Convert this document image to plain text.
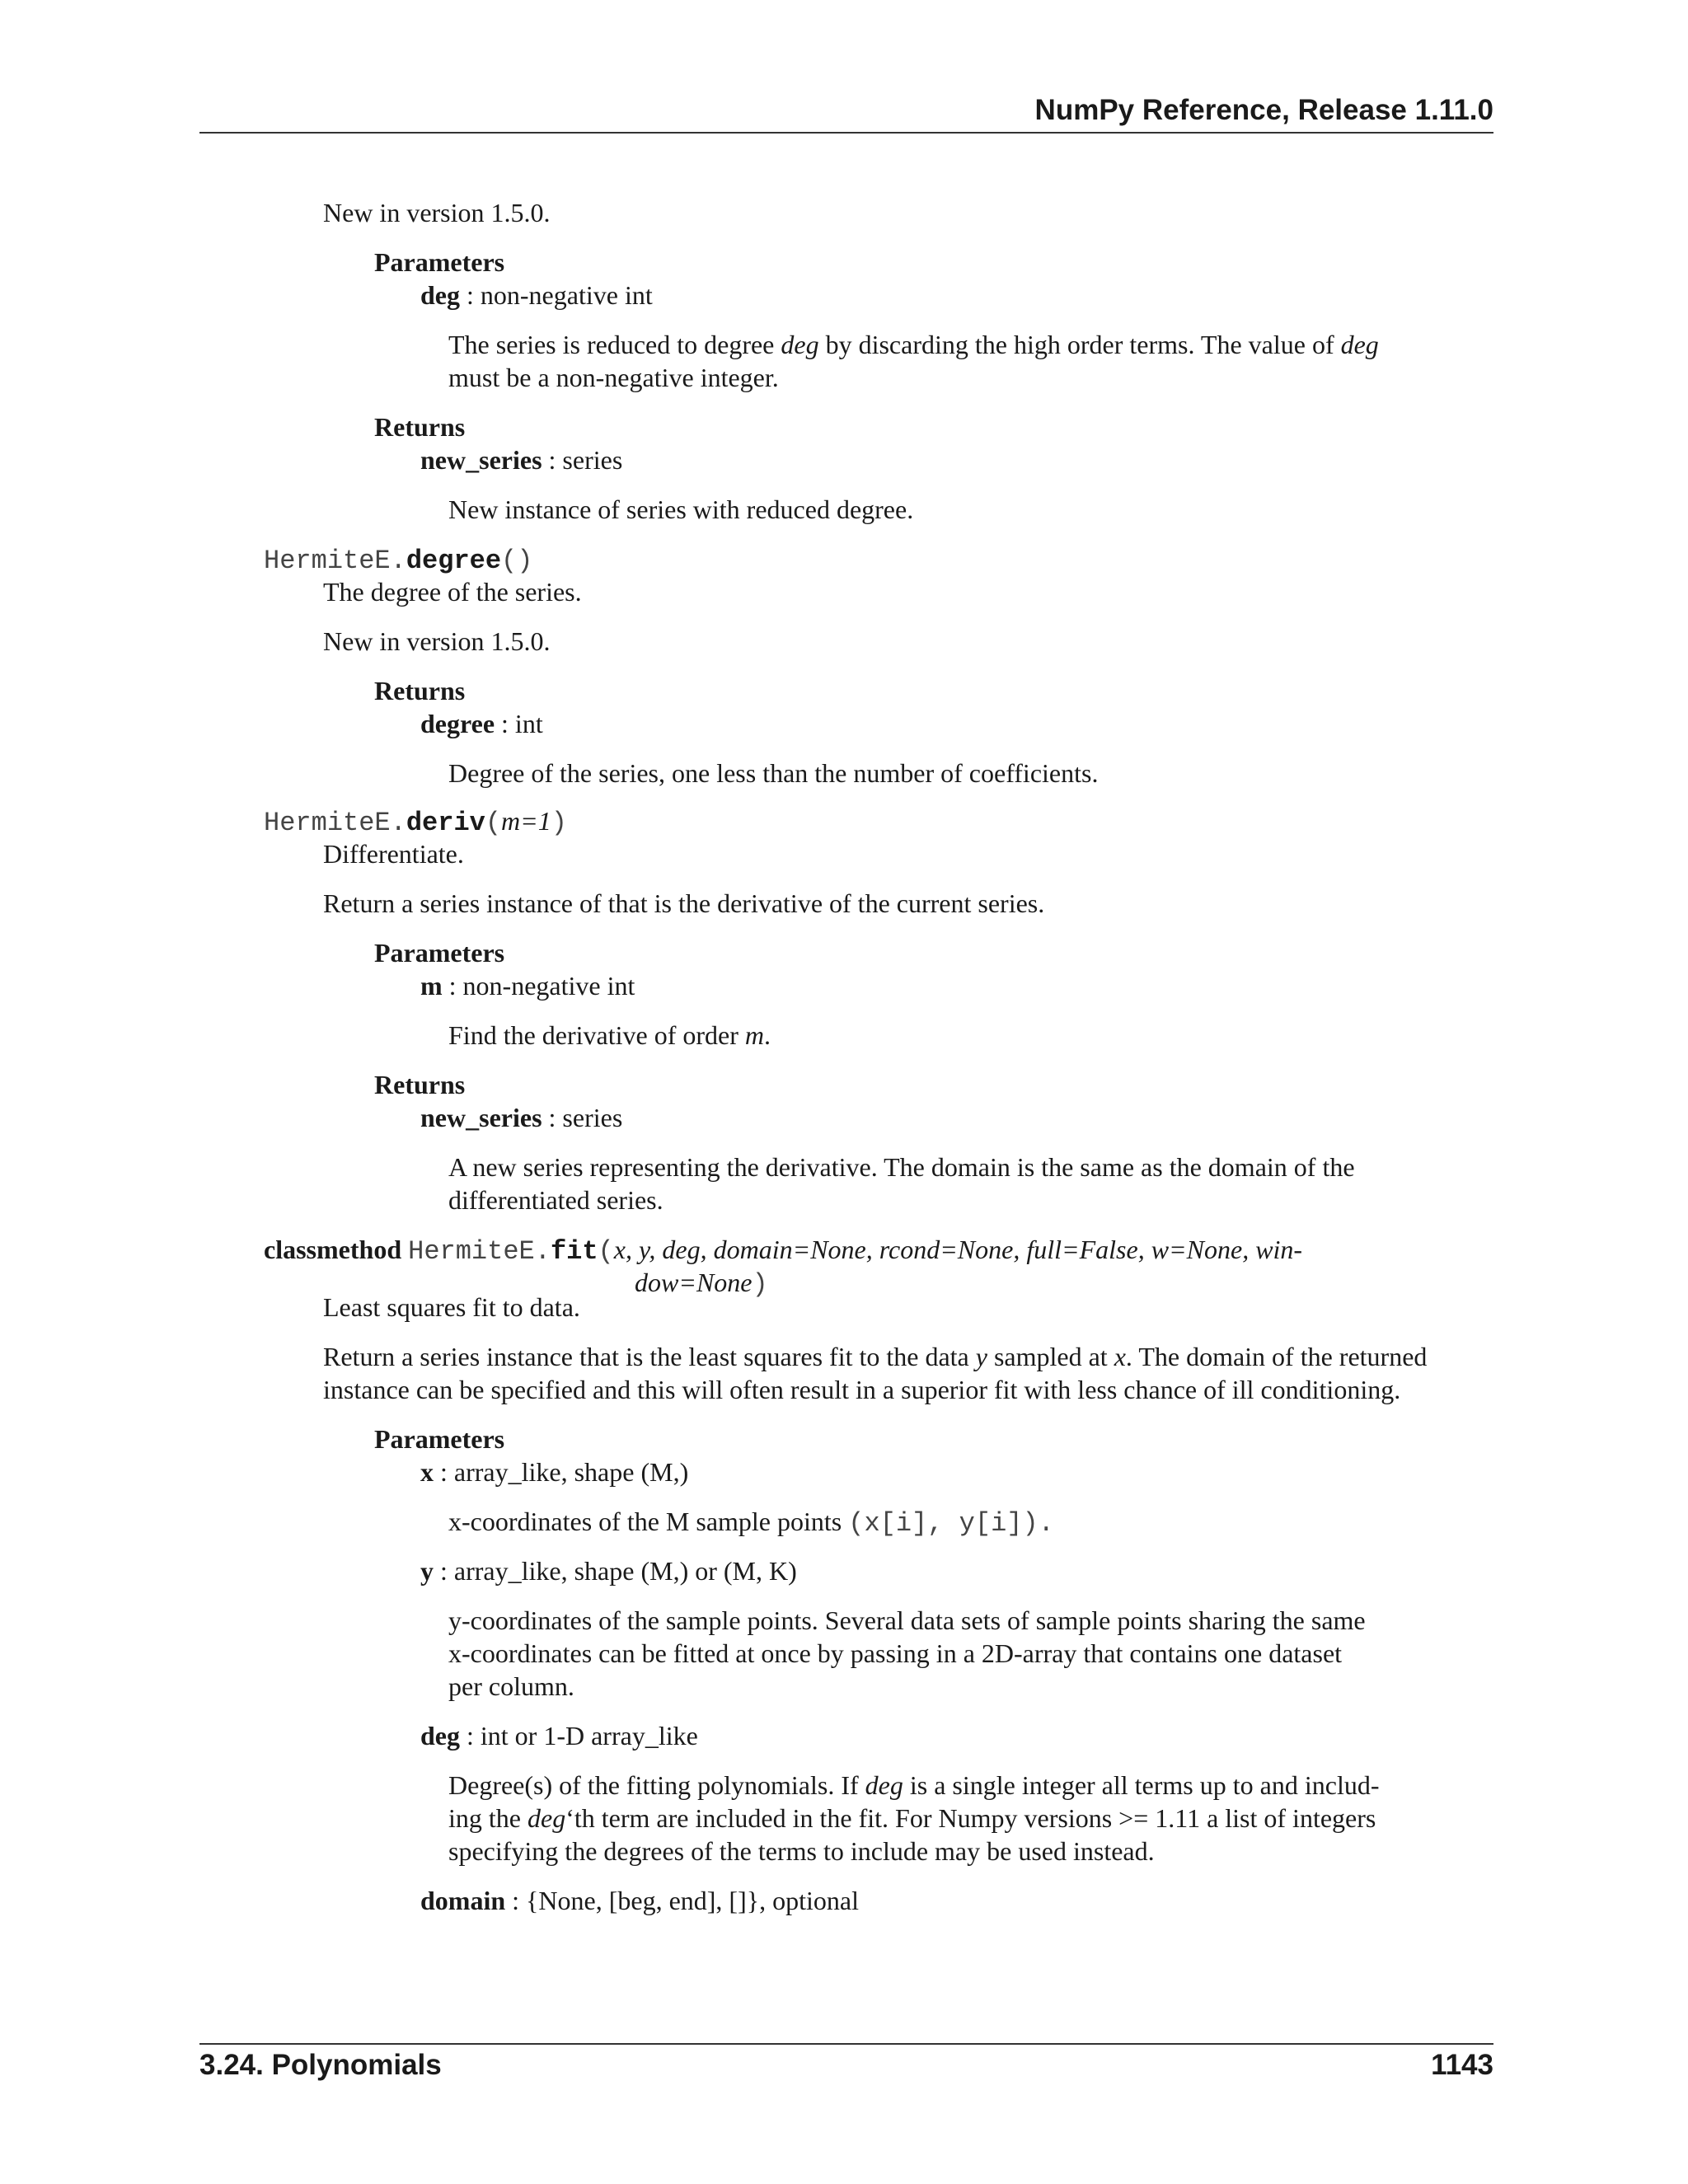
NumPy Reference, Release 1.11.0
New in version 1.5.0.
Parameters
deg : non-negative int
The series is reduced to degree deg by discarding the high order terms. The value of deg
must be a non-negative integer.
Returns
new_series : series
New instance of series with reduced degree.
HermiteE.degree()
The degree of the series.
New in version 1.5.0.
Returns
degree : int
Degree of the series, one less than the number of coefficients.
HermiteE.deriv(m=1)
Differentiate.
Return a series instance of that is the derivative of the current series.
Parameters
m : non-negative int
Find the derivative of order m.
Returns
new_series : series
A new series representing the derivative. The domain is the same as the domain of the
differentiated series.
classmethod HermiteE.fit(x, y, deg, domain=None, rcond=None, full=False, w=None, win-
dow=None)
Least squares fit to data.
Return a series instance that is the least squares fit to the data y sampled at x. The domain of the returned
instance can be specified and this will often result in a superior fit with less chance of ill conditioning.
Parameters
x : array_like, shape (M,)
x-coordinates of the M sample points (x[i], y[i]).
y : array_like, shape (M,) or (M, K)
y-coordinates of the sample points. Several data sets of sample points sharing the same
x-coordinates can be fitted at once by passing in a 2D-array that contains one dataset
per column.
deg : int or 1-D array_like
Degree(s) of the fitting polynomials. If deg is a single integer all terms up to and includ-
ing the deg‘th term are included in the fit. For Numpy versions >= 1.11 a list of integers
specifying the degrees of the terms to include may be used instead.
domain : {None, [beg, end], []}, optional
3.24. Polynomials	1143
